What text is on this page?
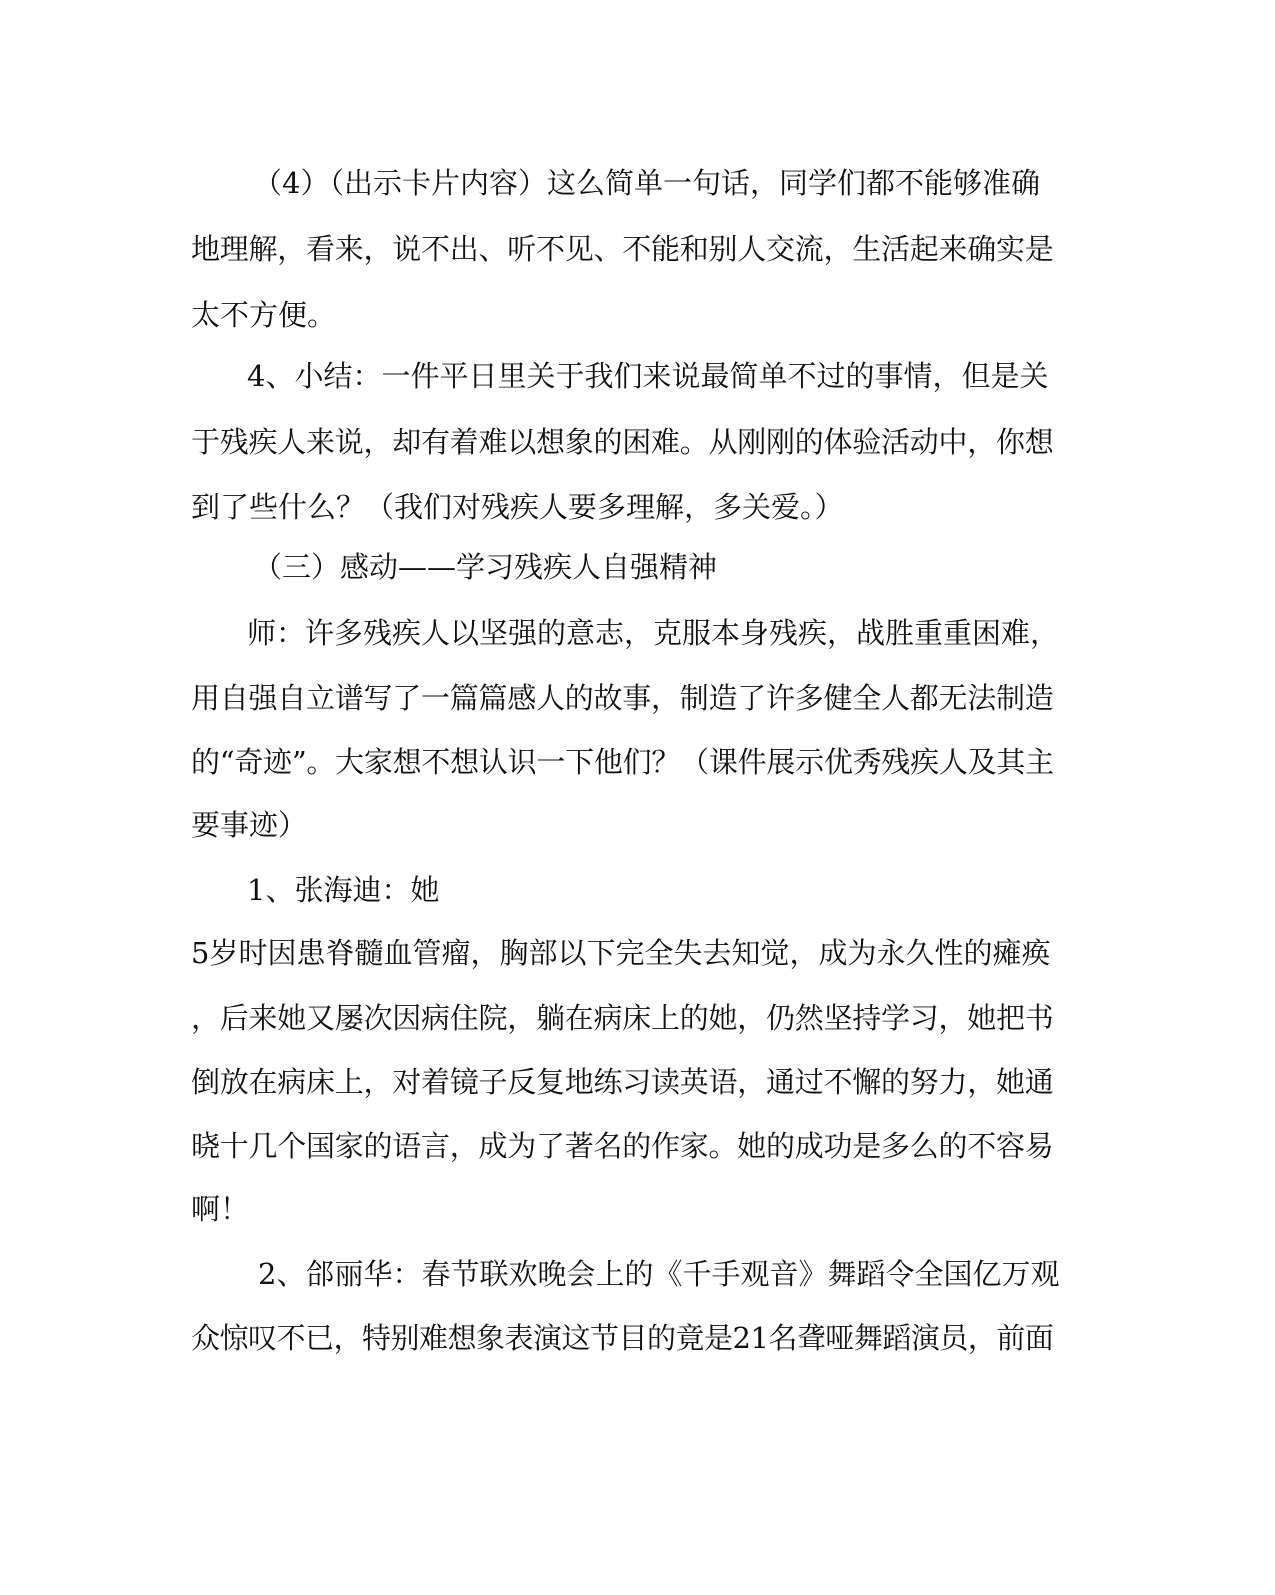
（4）（出示卡片内容）这么简单一句话，同学们都不能够准确

地理解，看来，说不出、听不见、不能和别人交流，生活起来确实是

太不方便。

4、小结：一件平日里关于我们来说最简单不过的事情，但是关

于残疾人来说，却有着难以想象的困难。从刚刚的体验活动中，你想

到了些什么？（我们对残疾人要多理解，多关爱。）

（三）感动——学习残疾人自强精神

师：许多残疾人以坚强的意志，克服本身残疾，战胜重重困难，

用自强自立谱写了一篇篇感人的故事，制造了许多健全人都无法制造

的“奇迹”。大家想不想认识一下他们？（课件展示优秀残疾人及其主

要事迹）

1、张海迪：她

5岁时因患脊髓血管瘤，胸部以下完全失去知觉，成为永久性的瘫痪

，后来她又屡次因病住院，躺在病床上的她，仍然坚持学习，她把书

倒放在病床上，对着镜子反复地练习读英语，通过不懈的努力，她通

晓十几个国家的语言，成为了著名的作家。她的成功是多么的不容易

啊！

2、郃丽华：春节联欢晚会上的《千手观音》舞蹈令全国亿万观

众惊叹不已，特别难想象表演这节目的竟是21名聋哑舞蹈演员，前面
